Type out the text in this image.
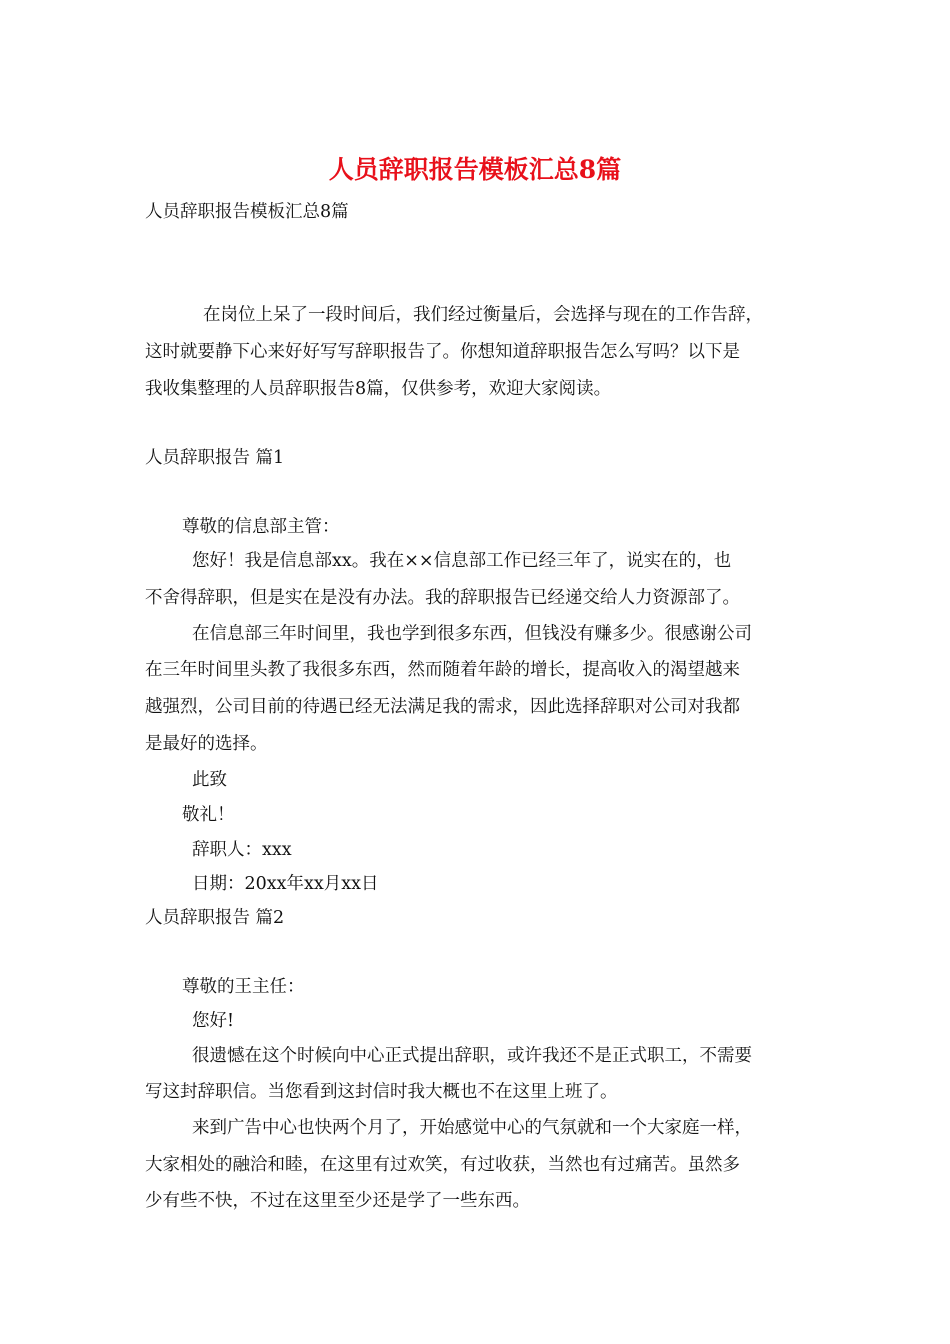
人员辞职报告模板汇总8篇
人员辞职报告模板汇总8篇
在岗位上呆了一段时间后，我们经过衡量后，会选择与现在的工作告辞，
这时就要静下心来好好写写辞职报告了。你想知道辞职报告怎么写吗？以下是
我收集整理的人员辞职报告8篇，仅供参考，欢迎大家阅读。
人员辞职报告 篇1
尊敬的信息部主管：
您好！我是信息部xx。我在××信息部工作已经三年了，说实在的，也
不舍得辞职，但是实在是没有办法。我的辞职报告已经递交给人力资源部了。
在信息部三年时间里，我也学到很多东西，但钱没有赚多少。很感谢公司
在三年时间里头教了我很多东西，然而随着年龄的增长，提高收入的渴望越来
越强烈，公司目前的待遇已经无法满足我的需求，因此选择辞职对公司对我都
是最好的选择。
此致
敬礼！
辞职人：xxx
日期：20xx年xx月xx日
人员辞职报告 篇2
尊敬的王主任：
您好!
很遗憾在这个时候向中心正式提出辞职，或许我还不是正式职工，不需要
写这封辞职信。当您看到这封信时我大概也不在这里上班了。
来到广告中心也快两个月了，开始感觉中心的气氛就和一个大家庭一样，
大家相处的融洽和睦，在这里有过欢笑，有过收获，当然也有过痛苦。虽然多
少有些不快，不过在这里至少还是学了一些东西。
